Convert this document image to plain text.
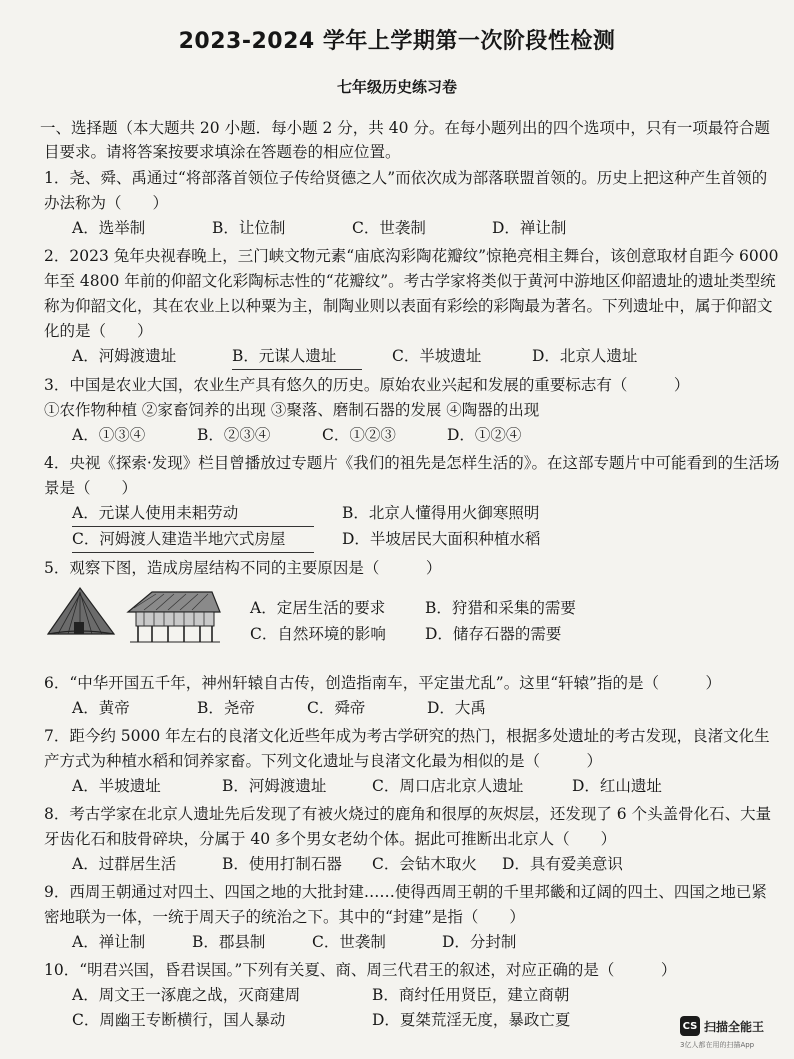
2023-2024 学年上学期第一次阶段性检测
七年级历史练习卷
一、选择题（本大题共 20 小题．每小题 2 分，共 40 分。在每小题列出的四个选项中，只有一项最符合题目要求。请将答案按要求填涂在答题卷的相应位置。

1．尧、舜、禹通过“将部落首领位子传给贤德之人”而依次成为部落联盟首领的。历史上把这种产生首领的办法称为（　　）

A．选举制	B．让位制	C．世袭制	D．禅让制

2．2023 兔年央视春晚上，三门峡文物元素“庙底沟彩陶花瓣纹”惊艳亮相主舞台，该创意取材自距今 6000 年至 4800 年前的仰韶文化彩陶标志性的“花瓣纹”。考古学家将类似于黄河中游地区仰韶遗址的遗址类型统称为仰韶文化，其在农业上以种粟为主，制陶业则以表面有彩绘的彩陶最为著名。下列遗址中，属于仰韶文化的是（　　）

A．河姆渡遗址	B．元谋人遗址	C．半坡遗址	D．北京人遗址

3．中国是农业大国，农业生产具有悠久的历史。原始农业兴起和发展的重要标志有（　　　）

①农作物种植 ②家畜饲养的出现 ③聚落、磨制石器的发展 ④陶器的出现

A．①③④	B．②③④	C．①②③	D．①②④

4．央视《探索·发现》栏目曾播放过专题片《我们的祖先是怎样生活的》。在这部专题片中可能看到的生活场景是（　　）

A．元谋人使用耒耜劳动	B．北京人懂得用火御寒照明
C．河姆渡人建造半地穴式房屋	D．半坡居民大面积种植水稻

5．观察下图，造成房屋结构不同的主要原因是（　　　）

A．定居生活的要求	B．狩猎和采集的需要
C．自然环境的影响	D．储存石器的需要

6．“中华开国五千年，神州轩辕自古传，创造指南车，平定蚩尤乱”。这里“轩辕”指的是（　　　）

A．黄帝	B．尧帝	C．舜帝	D．大禹

7．距今约 5000 年左右的良渚文化近些年成为考古学研究的热门，根据多处遗址的考古发现，良渚文化生产方式为种植水稻和饲养家畜。下列文化遗址与良渚文化最为相似的是（　　　）

A．半坡遗址	B．河姆渡遗址	C．周口店北京人遗址	D．红山遗址

8．考古学家在北京人遗址先后发现了有被火烧过的鹿角和很厚的灰烬层，还发现了 6 个头盖骨化石、大量牙齿化石和肢骨碎块，分属于 40 多个男女老幼个体。据此可推断出北京人（　　）

A．过群居生活	B．使用打制石器	C．会钻木取火	D．具有爱美意识

9．西周王朝通过对四土、四国之地的大批封建……使得西周王朝的千里邦畿和辽阔的四土、四国之地已紧密地联为一体，一统于周天子的统治之下。其中的“封建”是指（　　）

A．禅让制	B．郡县制	C．世袭制	D．分封制

10．“明君兴国，昏君误国。”下列有关夏、商、周三代君王的叙述，对应正确的是（　　　）

A．周文王一涿鹿之战，灭商建周	B．商纣任用贤臣，建立商朝
C．周幽王专断横行，国人暴动	D．夏桀荒淫无度，暴政亡夏	CS 扫描全能王
3亿人都在用的扫描App
